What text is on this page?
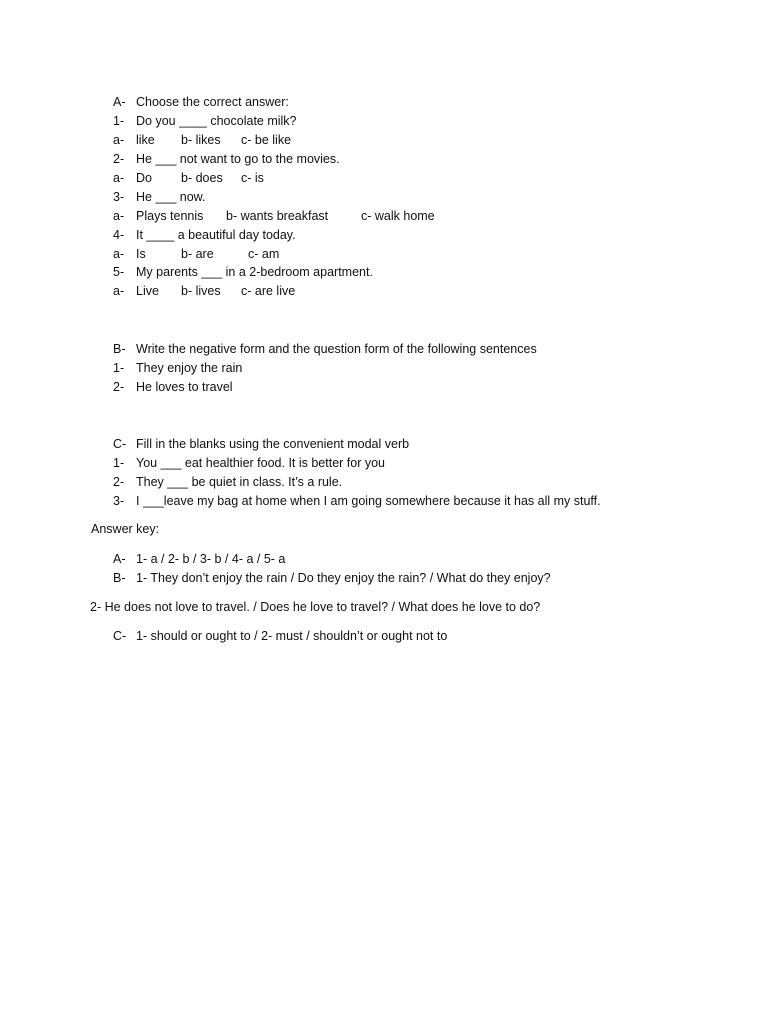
A- Choose the correct answer:
1- Do you ____ chocolate milk?
a- like b- likes c- be like
2- He ___ not want to go to the movies.
a- Do b- does c- is
3- He ___ now.
a- Plays tennis b- wants breakfast	c- walk home
4- It ____ a beautiful day today.
a- Is	b- are	c- am
5- My parents ___ in a 2-bedroom apartment.
a- Live b- lives c- are live
B- Write the negative form and the question form of the following sentences
1- They enjoy the rain
2- He loves to travel
C- Fill in the blanks using the convenient modal verb
1- You ___ eat healthier food. It is better for you
2- They ___ be quiet in class. It’s a rule.
3- I ___leave my bag at home when I am going somewhere because it has all my stuff.
Answer key:
A- 1- a / 2- b / 3- b / 4- a / 5- a
B- 1- They don’t enjoy the rain / Do they enjoy the rain? / What do they enjoy?
2- He does not love to travel. / Does he love to travel? / What does he love to do?
C- 1- should or ought to / 2- must / shouldn’t or ought not to
